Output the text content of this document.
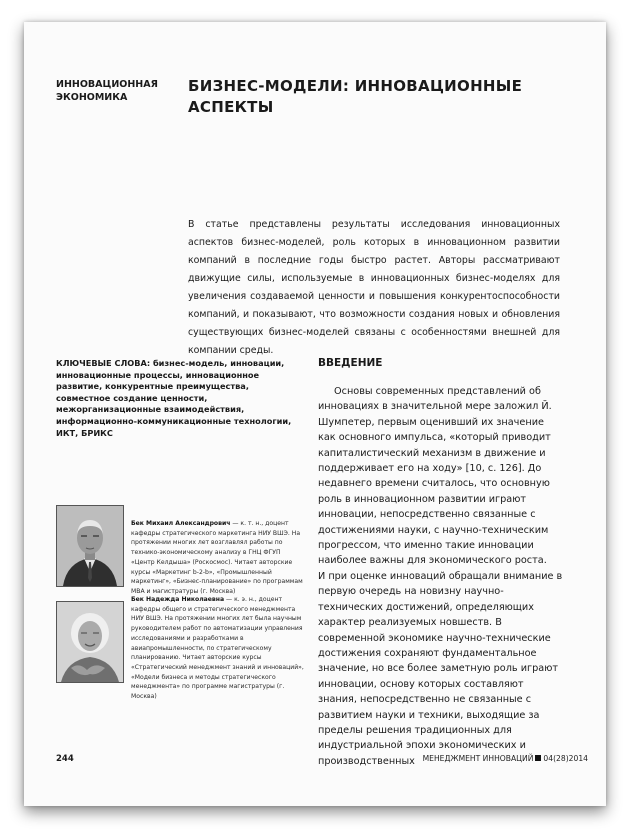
ИННОВАЦИОННАЯ
ЭКОНОМИКА
БИЗНЕС-МОДЕЛИ: ИННОВАЦИОННЫЕ
АСПЕКТЫ
В статье представлены результаты исследования инновационных аспектов бизнес-моделей, роль которых в инновационном развитии компаний в последние годы быстро растет. Авторы рассматривают движущие силы, используемые в инновационных бизнес-моделях для увеличения создаваемой ценности и повышения конкурентоспособности компаний, и показывают, что возможности создания новых и обновления существующих бизнес-моделей связаны с особенностями внешней для компании среды.
КЛЮЧЕВЫЕ СЛОВА: бизнес-модель, инновации, инновационные процессы, инновационное развитие, конкурентные преимущества, совместное создание ценности, межорганизационные взаимодействия, информационно-коммуникационные технологии, ИКТ, БРИКС
ВВЕДЕНИЕ

Основы современных представлений об инновациях в значительной мере заложил Й. Шумпетер, первым оценивший их значение как основного импульса, «который приводит капиталистический механизм в движение и поддерживает его на ходу» [10, с. 126]. До недавнего времени считалось, что основную роль в инновационном развитии играют инновации, непосредственно связанные с достижениями науки, с научно-техническим прогрессом, что именно такие инновации наиболее важны для экономического роста.

И при оценке инноваций обращали внимание в первую очередь на новизну научно-технических достижений, определяющих характер реализуемых новшеств. В современной экономике научно-технические достижения сохраняют фундаментальное значение, но все более заметную роль играют инновации, основу которых составляют знания, непосредственно не связанные с развитием науки и техники, выходящие за пределы решения традиционных для индустриальной эпохи экономических и производственных

Бек Михаил Александрович — к. т. н., доцент кафедры стратегического маркетинга НИУ ВШЭ. На протяжении многих лет возглавлял работы по технико-экономическому анализу в ГНЦ ФГУП «Центр Келдыша» (Роскосмос). Читает авторские курсы «Маркетинг b-2-b», «Промышленный маркетинг», «Бизнес-планирование» по программам MBA и магистратуры (г. Москва)
Бек Надежда Николаевна — к. э. н., доцент кафедры общего и стратегического менеджмента НИУ ВШЭ. На протяжении многих лет была научным руководителем работ по автоматизации управления исследованиями и разработками в авиапромышленности, по стратегическому планированию. Читает авторские курсы «Стратегический менеджмент знаний и инноваций», «Модели бизнеса и методы стратегического менеджмента» по программе магистратуры (г. Москва)
244	МЕНЕДЖМЕНТ ИННОВАЦИЙ 04(28)2014
